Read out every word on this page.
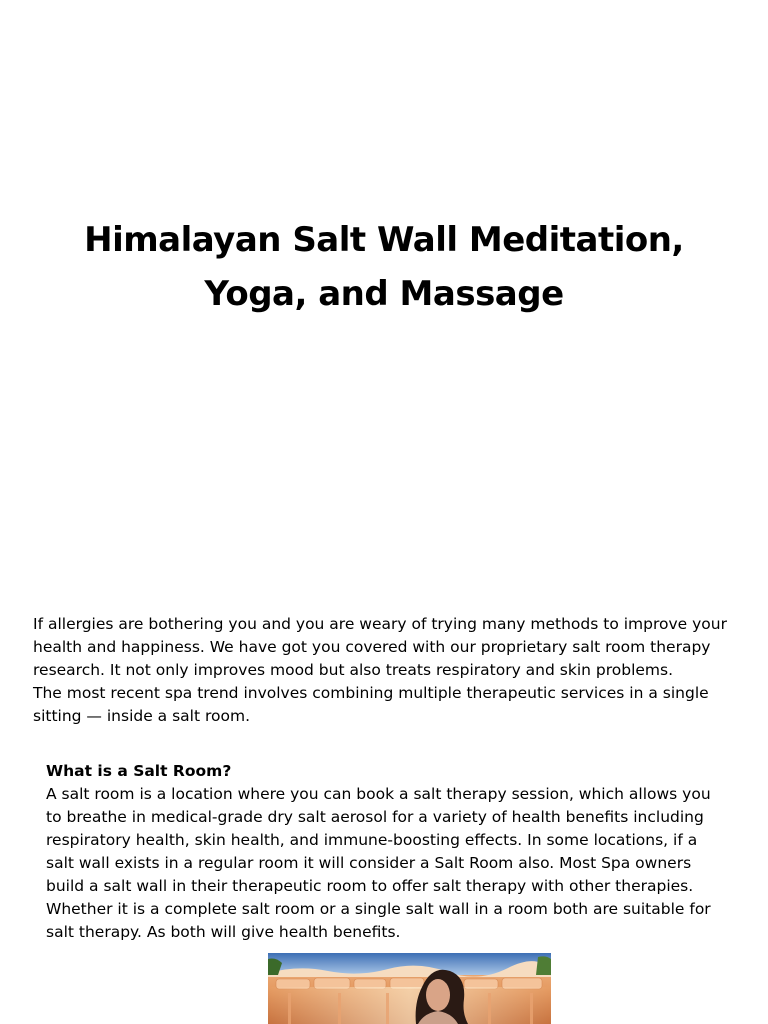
Himalayan Salt Wall Meditation, Yoga, and Massage

If allergies are bothering you and you are weary of trying many methods to improve your health and happiness. We have got you covered with our proprietary salt room therapy research. It not only improves mood but also treats respiratory and skin problems.

The most recent spa trend involves combining multiple therapeutic services in a single sitting — inside a salt room.

What is a Salt Room?

A salt room is a location where you can book a salt therapy session, which allows you to breathe in medical-grade dry salt aerosol for a variety of health benefits including respiratory health, skin health, and immune-boosting effects. In some locations, if a salt wall exists in a regular room it will consider a Salt Room also. Most Spa owners build a salt wall in their therapeutic room to offer salt therapy with other therapies. Whether it is a complete salt room or a single salt wall in a room both are suitable for salt therapy. As both will give health benefits.
